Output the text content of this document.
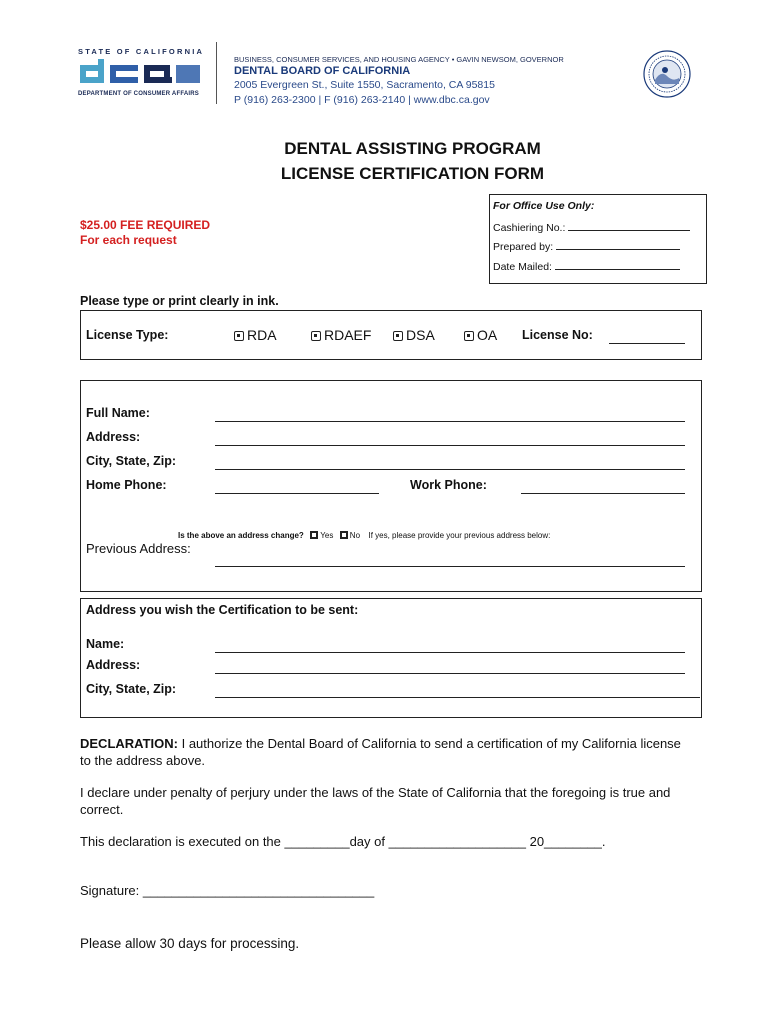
STATE OF CALIFORNIA
DEPARTMENT OF CONSUMER AFFAIRS
BUSINESS, CONSUMER SERVICES, AND HOUSING AGENCY • GAVIN NEWSOM, GOVERNOR
DENTAL BOARD OF CALIFORNIA
2005 Evergreen St., Suite 1550, Sacramento, CA 95815
P (916) 263-2300 | F (916) 263-2140 | www.dbc.ca.gov
DENTAL ASSISTING PROGRAM
LICENSE CERTIFICATION FORM
$25.00 FEE REQUIRED
For each request
For Office Use Only:
Cashiering No.:
Prepared by:
Date Mailed:
Please type or print clearly in ink.
License Type:	RDA	RDAEF	DSA	OA License No:
Full Name:
Address:
City, State, Zip:
Home Phone:	Work Phone:
Is the above an address change? Yes No If yes, please provide your previous address below:
Previous Address:
Address you wish the Certification to be sent:
Name:
Address:
City, State, Zip:
DECLARATION: I authorize the Dental Board of California to send a certification of my California license to the address above.
I declare under penalty of perjury under the laws of the State of California that the foregoing is true and correct.
This declaration is executed on the _________day of ___________________ 20________.
Signature: ________________________________
Please allow 30 days for processing.
